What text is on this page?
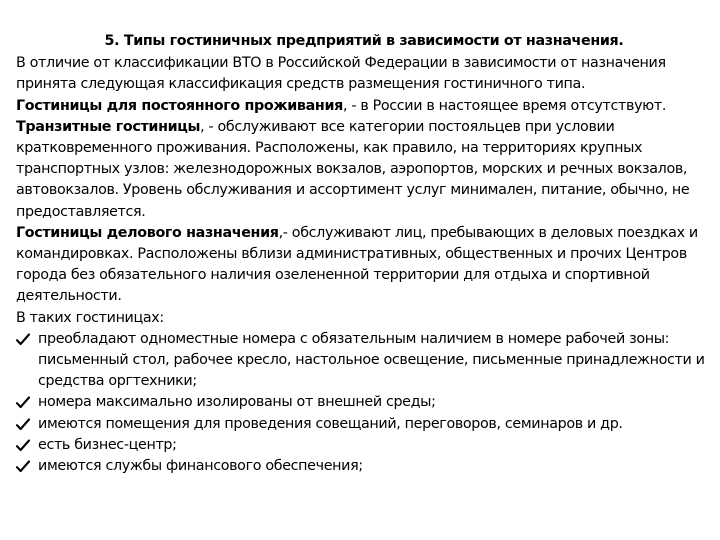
5. Типы гостиничных предприятий в зависимости от назначения.

В отличие от классификации ВТО в Российской Федерации в зависимости от назначения принята следующая классификация средств размещения гостиничного типа.

Гостиницы для постоянного проживания, - в России в настоящее время отсутствуют.

Транзитные гостиницы, - обслуживают все категории постояльцев при условии кратковременного проживания. Расположены, как правило, на территориях крупных транспортных узлов: железнодорожных вокзалов, аэропортов, морских и речных вокзалов, автовокзалов. Уровень обслуживания и ассортимент услуг минимален, питание, обычно, не предоставляется.

Гостиницы делового назначения,- обслуживают лиц, пребывающих в деловых поездках и командировках. Расположены вблизи административных, общественных и прочих Центров города без обязательного наличия озелененной территории для отдыха и спортивной деятельности.

В таких гостиницах:

преобладают одноместные номера с обязательным наличием в номере рабочей зоны: письменный стол, рабочее кресло, настольное освещение, письменные принадлежности и средства оргтехники;
номера максимально изолированы от внешней среды;
имеются помещения для проведения совещаний, переговоров, семинаров и др.
есть бизнес-центр;
имеются службы финансового обеспечения;
